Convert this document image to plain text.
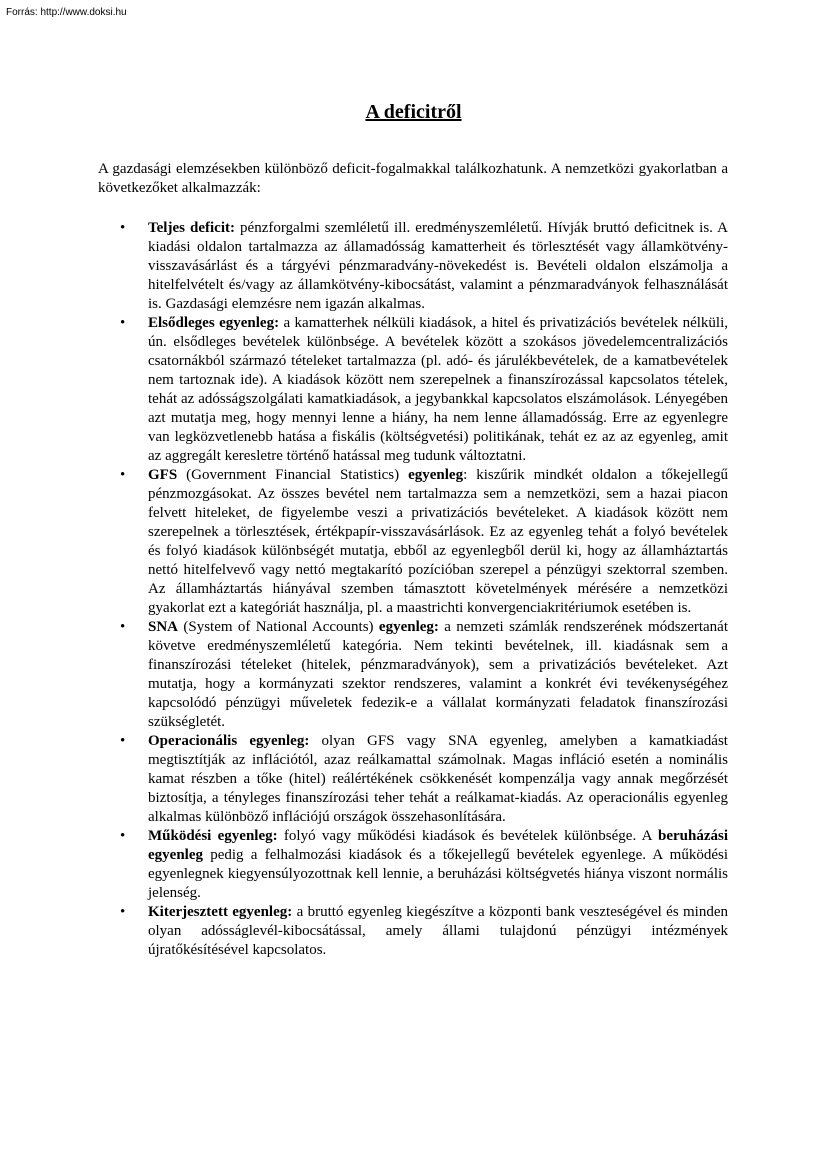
Forrás: http://www.doksi.hu
A deficitről

A gazdasági elemzésekben különböző deficit-fogalmakkal találkozhatunk. A nemzetközi gyakorlatban a következőket alkalmazzák:

• Teljes deficit: pénzforgalmi szemléletű ill. eredményszemléletű. Hívják bruttó deficitnek is. A kiadási oldalon tartalmazza az államadósság kamatterheit és törlesztését vagy államkötvény-visszavásárlást és a tárgyévi pénzmaradvány-növekedést is. Bevételi oldalon elszámolja a hitelfelvételt és/vagy az államkötvény-kibocsátást, valamint a pénzmaradványok felhasználását is. Gazdasági elemzésre nem igazán alkalmas.
• Elsődleges egyenleg: a kamatterhek nélküli kiadások, a hitel és privatizációs bevételek nélküli, ún. elsődleges bevételek különbsége. A bevételek között a szokásos jövedelemcentralizációs csatornákból származó tételeket tartalmazza (pl. adó- és járulékbevételek, de a kamatbevételek nem tartoznak ide). A kiadások között nem szerepelnek a finanszírozással kapcsolatos tételek, tehát az adósságszolgálati kamatkiadások, a jegybankkal kapcsolatos elszámolások. Lényegében azt mutatja meg, hogy mennyi lenne a hiány, ha nem lenne államadósság. Erre az egyenlegre van legközvetlenebb hatása a fiskális (költségvetési) politikának, tehát ez az az egyenleg, amit az aggregált keresletre történő hatással meg tudunk változtatni.
• GFS (Government Financial Statistics) egyenleg: kiszűrik mindkét oldalon a tőkejellegű pénzmozgásokat. Az összes bevétel nem tartalmazza sem a nemzetközi, sem a hazai piacon felvett hiteleket, de figyelembe veszi a privatizációs bevételeket. A kiadások között nem szerepelnek a törlesztések, értékpapír-visszavásárlások. Ez az egyenleg tehát a folyó bevételek és folyó kiadások különbségét mutatja, ebből az egyenlegből derül ki, hogy az államháztartás nettó hitelfelvevő vagy nettó megtakarító pozícióban szerepel a pénzügyi szektorral szemben. Az államháztartás hiányával szemben támasztott követelmények mérésére a nemzetközi gyakorlat ezt a kategóriát használja, pl. a maastrichti konvergenciakritériumok esetében is.
• SNA (System of National Accounts) egyenleg: a nemzeti számlák rendszerének módszertanát követve eredményszemléletű kategória. Nem tekinti bevételnek, ill. kiadásnak sem a finanszírozási tételeket (hitelek, pénzmaradványok), sem a privatizációs bevételeket. Azt mutatja, hogy a kormányzati szektor rendszeres, valamint a konkrét évi tevékenységéhez kapcsolódó pénzügyi műveletek fedezik-e a vállalat kormányzati feladatok finanszírozási szükségletét.
• Operacionális egyenleg: olyan GFS vagy SNA egyenleg, amelyben a kamatkiadást megtisztítják az inflációtól, azaz reálkamattal számolnak. Magas infláció esetén a nominális kamat részben a tőke (hitel) reálértékének csökkenését kompenzálja vagy annak megőrzését biztosítja, a tényleges finanszírozási teher tehát a reálkamat-kiadás. Az operacionális egyenleg alkalmas különböző inflációjú országok összehasonlítására.
• Működési egyenleg: folyó vagy működési kiadások és bevételek különbsége. A beruházási egyenleg pedig a felhalmozási kiadások és a tőkejellegű bevételek egyenlege. A működési egyenlegnek kiegyensúlyozottnak kell lennie, a beruházási költségvetés hiánya viszont normális jelenség.
• Kiterjesztett egyenleg: a bruttó egyenleg kiegészítve a központi bank veszteségével és minden olyan adósságlevél-kibocsátással, amely állami tulajdonú pénzügyi intézmények újratőkésítésével kapcsolatos.
